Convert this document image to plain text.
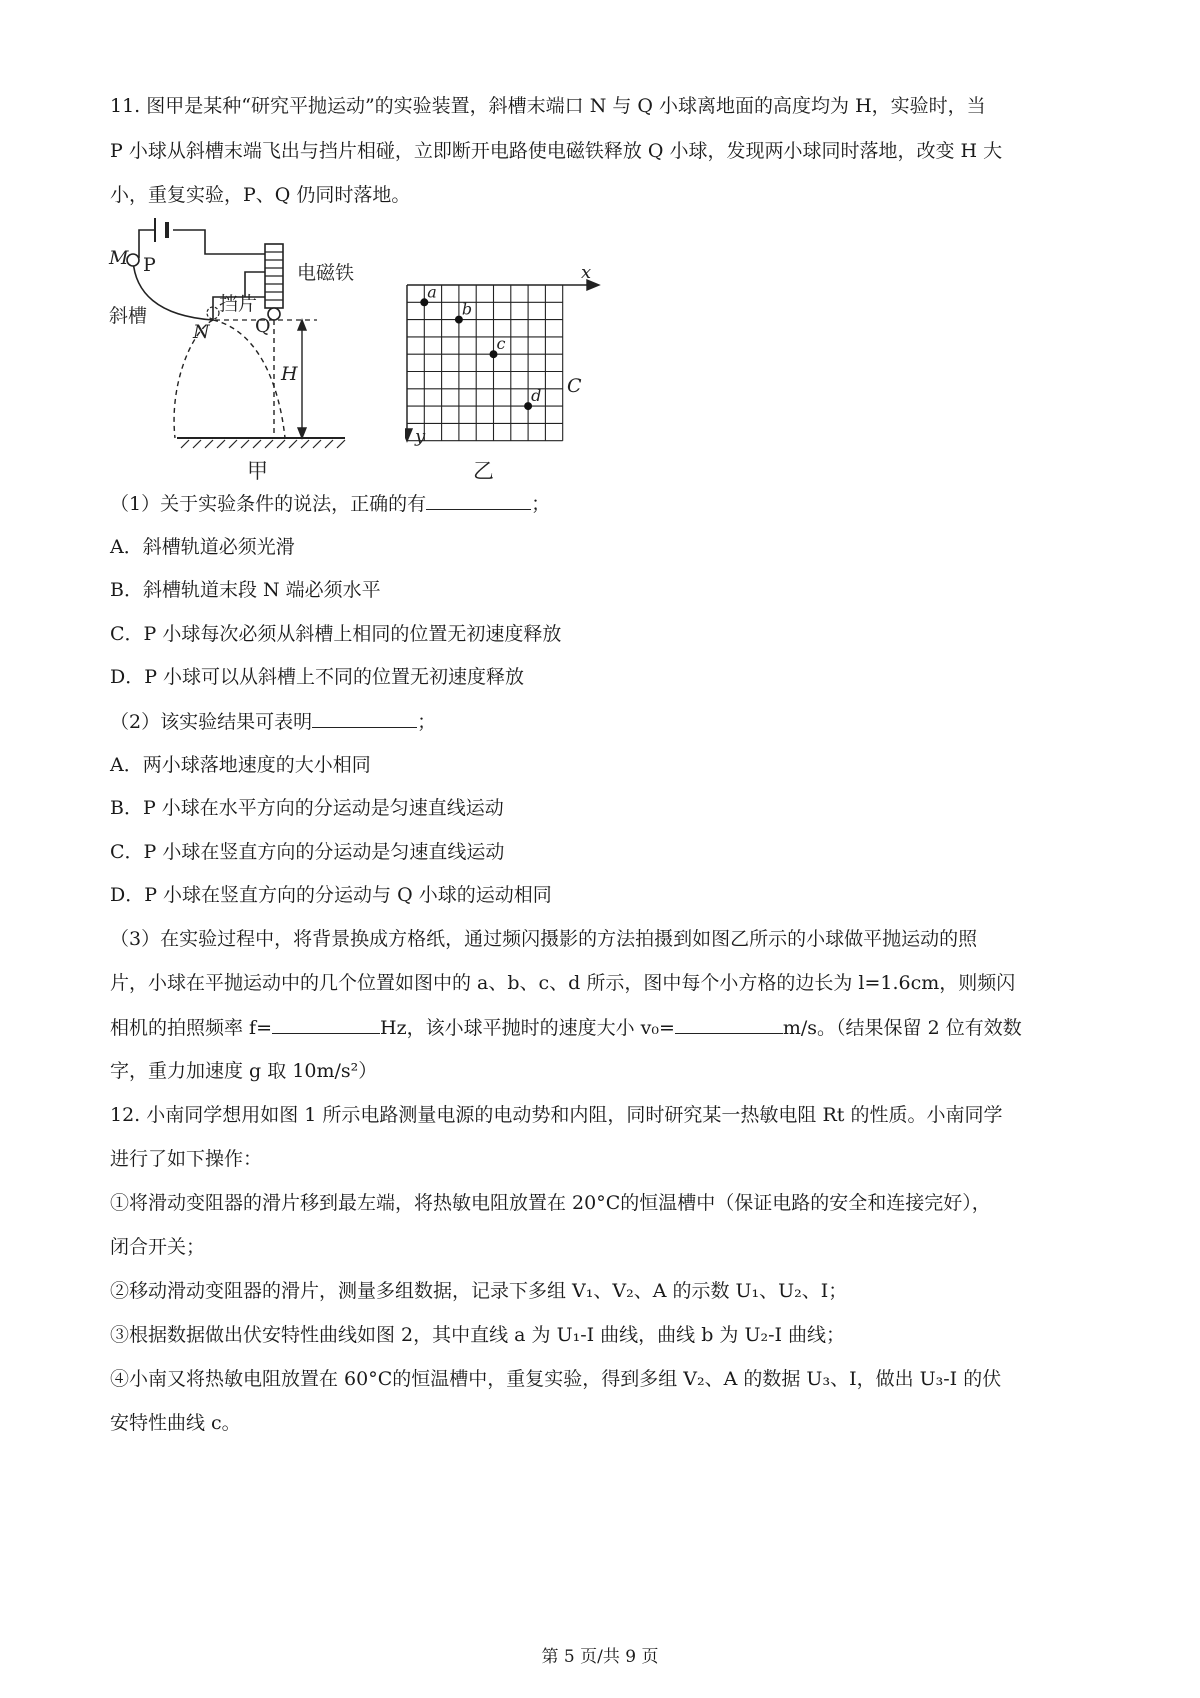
11. 图甲是某种“研究平抛运动”的实验装置，斜槽末端口 N 与 Q 小球离地面的高度均为 H，实验时，当
P 小球从斜槽末端飞出与挡片相碰，立即断开电路使电磁铁释放 Q 小球，发现两小球同时落地，改变 H 大
小，重复实验，P、Q 仍同时落地。
M P	电磁铁
挡片
斜槽
N Q
H
甲
a
b
c
d
x
y
C
乙
（1）关于实验条件的说法，正确的有	；
A．斜槽轨道必须光滑
B．斜槽轨道末段 N 端必须水平
C．P 小球每次必须从斜槽上相同的位置无初速度释放
D．P 小球可以从斜槽上不同的位置无初速度释放
（2）该实验结果可表明	；
A．两小球落地速度的大小相同
B．P 小球在水平方向的分运动是匀速直线运动
C．P 小球在竖直方向的分运动是匀速直线运动
D．P 小球在竖直方向的分运动与 Q 小球的运动相同
（3）在实验过程中，将背景换成方格纸，通过频闪摄影的方法拍摄到如图乙所示的小球做平抛运动的照
片，小球在平抛运动中的几个位置如图中的 a、b、c、d 所示，图中每个小方格的边长为 l=1.6cm，则频闪
相机的拍照频率 f=	Hz，该小球平抛时的速度大小 v₀=	m/s。（结果保留 2 位有效数
字，重力加速度 g 取 10m/s²）
12. 小南同学想用如图 1 所示电路测量电源的电动势和内阻，同时研究某一热敏电阻 Rt 的性质。小南同学
进行了如下操作：
①将滑动变阻器的滑片移到最左端，将热敏电阻放置在 20°C的恒温槽中（保证电路的安全和连接完好），
闭合开关；
②移动滑动变阻器的滑片，测量多组数据，记录下多组 V₁、V₂、A 的示数 U₁、U₂、I；
③根据数据做出伏安特性曲线如图 2，其中直线 a 为 U₁-I 曲线，曲线 b 为 U₂-I 曲线；
④小南又将热敏电阻放置在 60°C的恒温槽中，重复实验，得到多组 V₂、A 的数据 U₃、I，做出 U₃-I 的伏
安特性曲线 c。
第 5 页/共 9 页
